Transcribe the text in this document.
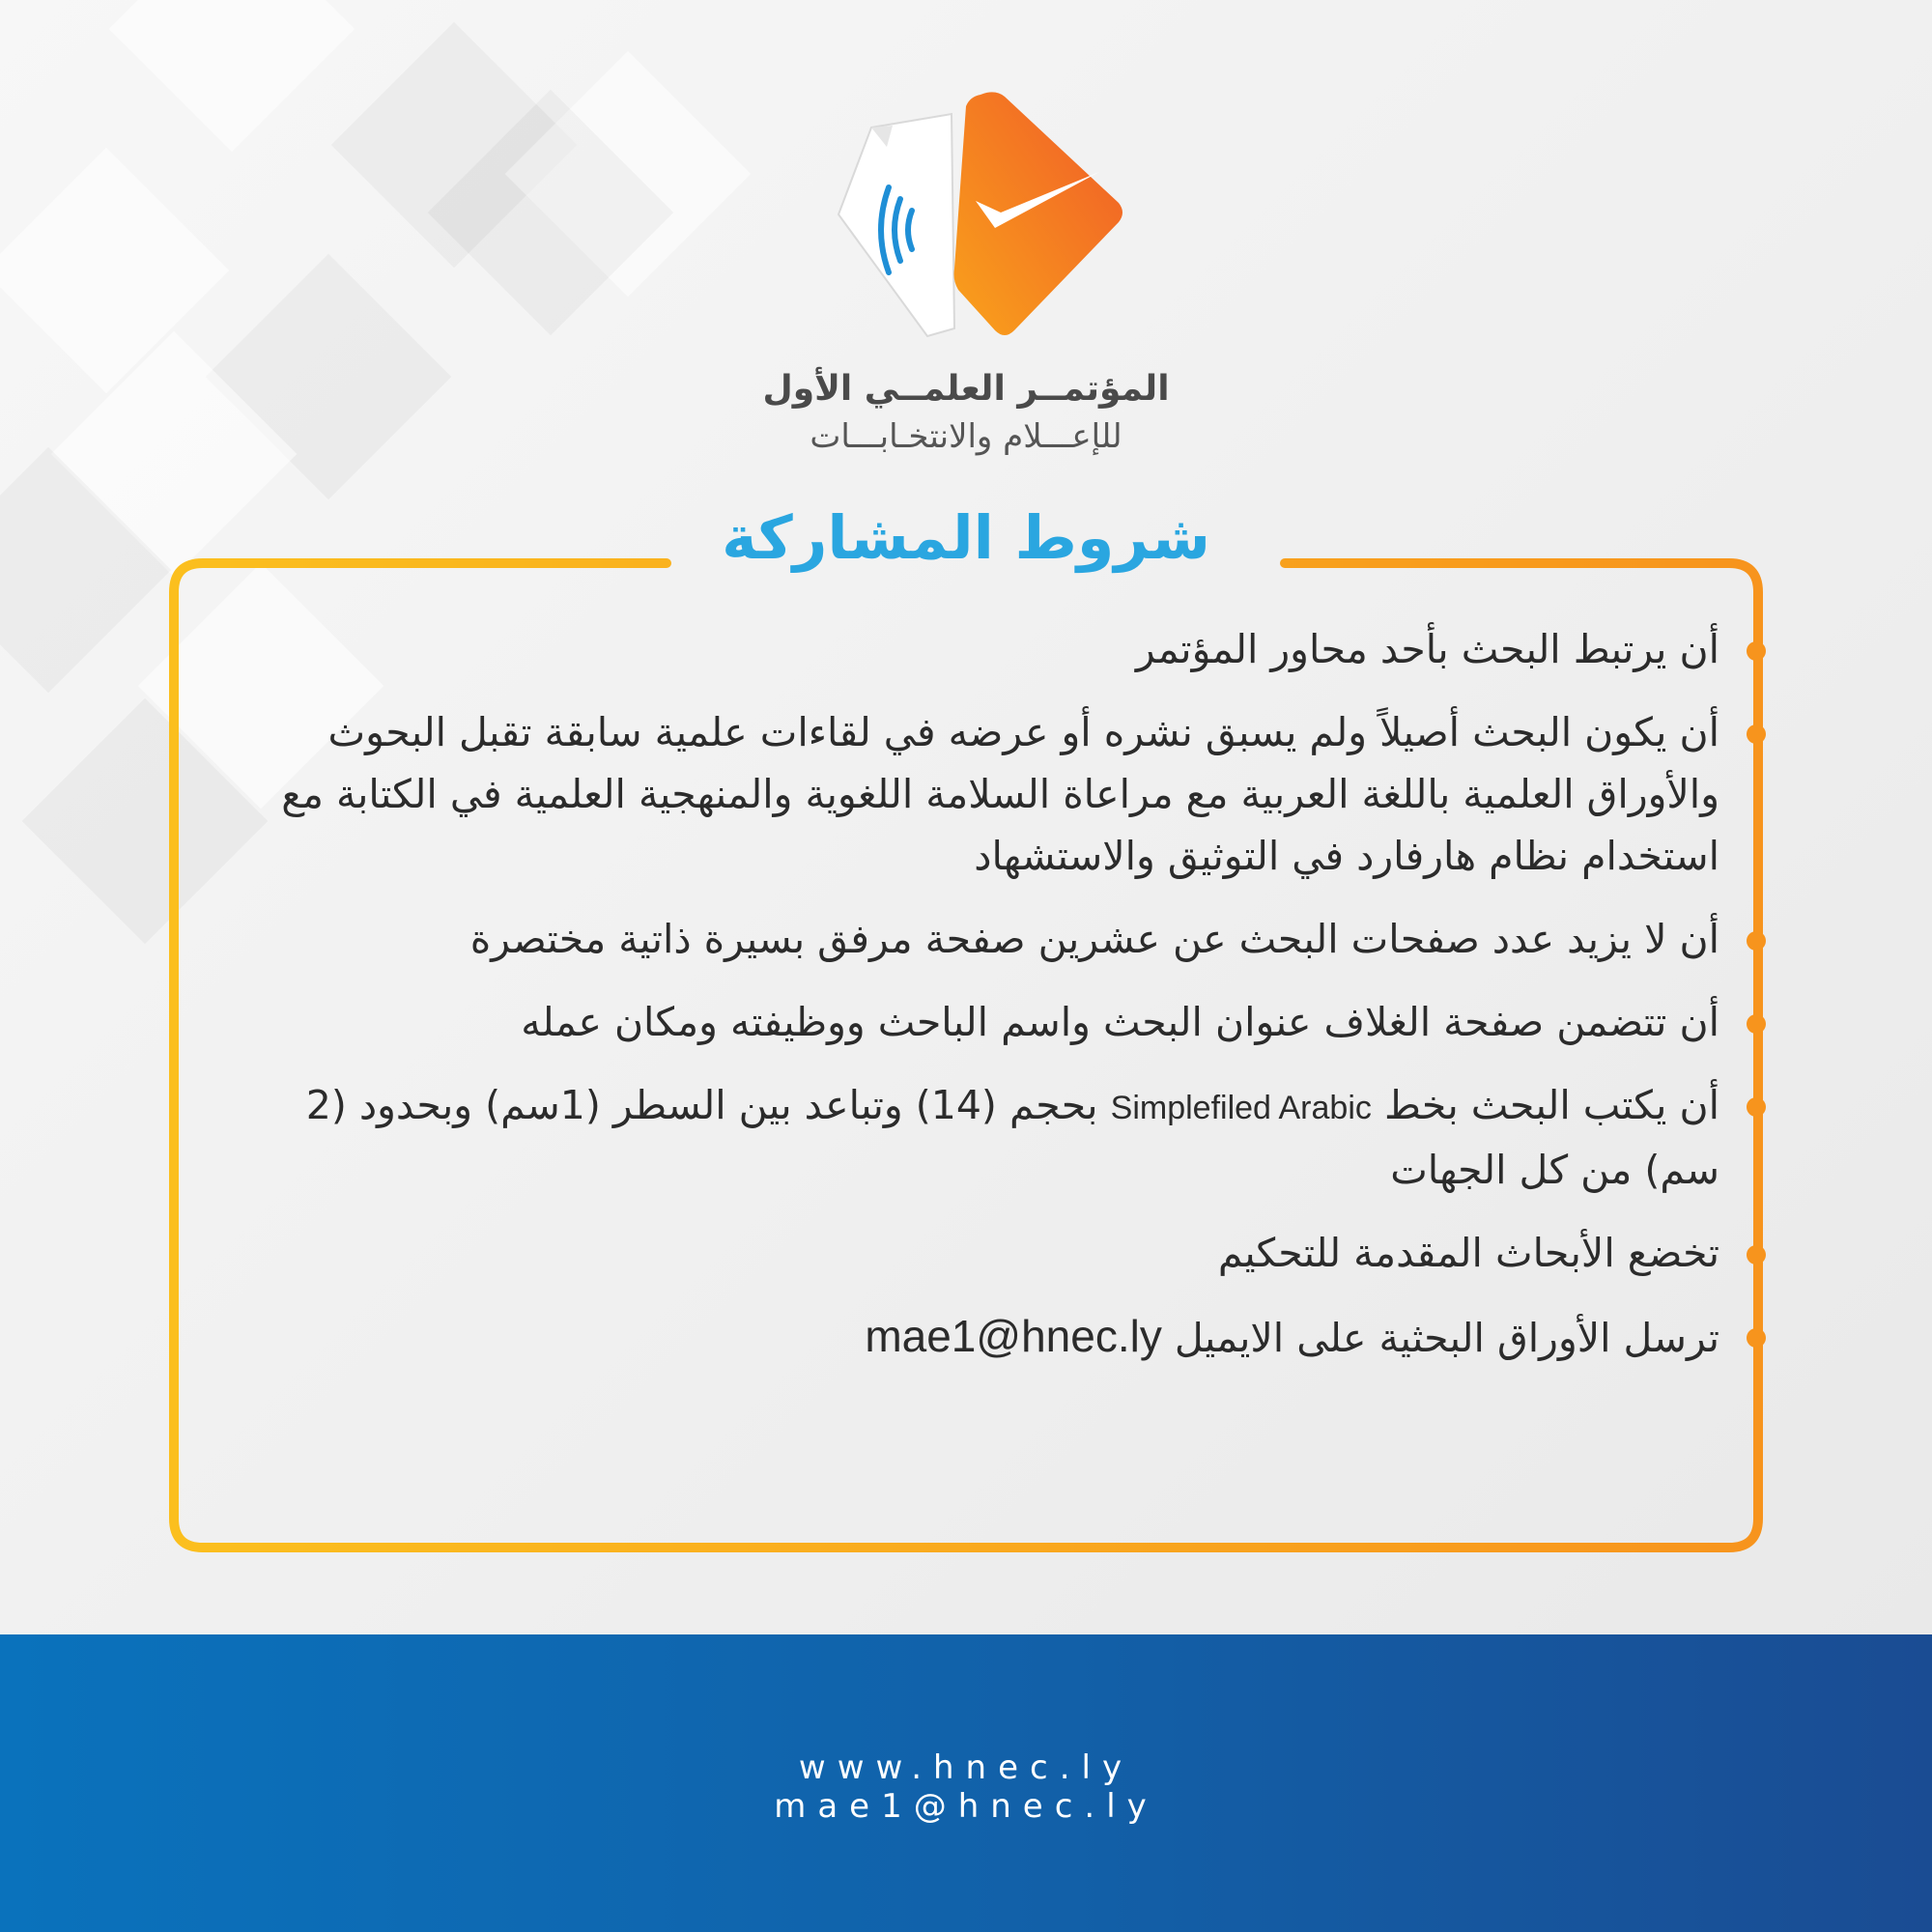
المؤتمــر العلمــي الأول
للإعـــلام والانتخـابـــات
شروط المشاركة
أن يرتبط البحث بأحد محاور المؤتمر
أن يكون البحث أصيلاً ولم يسبق نشره أو عرضه في لقاءات علمية سابقة تقبل البحوث والأوراق العلمية باللغة العربية مع مراعاة السلامة اللغوية والمنهجية العلمية في الكتابة مع استخدام نظام هارفارد في التوثيق والاستشهاد
أن لا يزيد عدد صفحات البحث عن عشرين صفحة مرفق بسيرة ذاتية مختصرة
أن تتضمن صفحة الغلاف عنوان البحث واسم الباحث ووظيفته ومكان عمله
أن يكتب البحث بخط Simplefiled Arabic بحجم (14) وتباعد بين السطر (1سم) وبحدود (2 سم) من كل الجهات
تخضع الأبحاث المقدمة للتحكيم
ترسل الأوراق البحثية على الايميل mae1@hnec.ly
www.hnec.ly
mae1@hnec.ly
